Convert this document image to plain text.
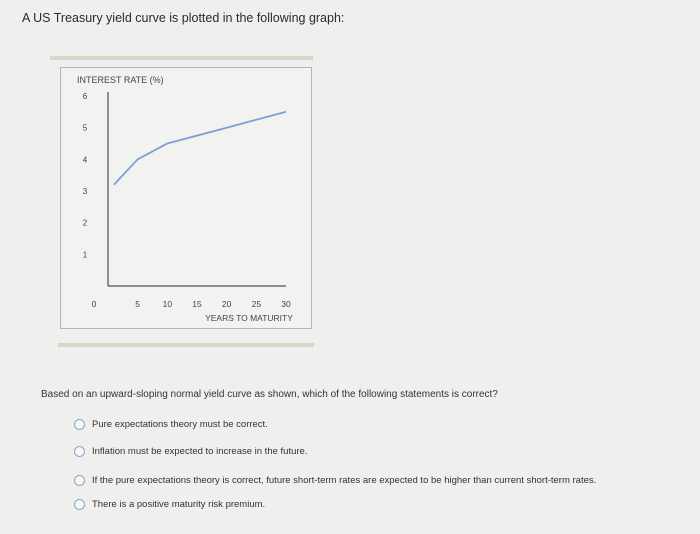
A US Treasury yield curve is plotted in the following graph:
INTEREST RATE (%)
1
2
3
4
5
6
0	5	10 15 20 25 30
YEARS TO MATURITY
Based on an upward-sloping normal yield curve as shown, which of the following statements is correct?
Pure expectations theory must be correct.
Inflation must be expected to increase in the future.
If the pure expectations theory is correct, future short-term rates are expected to be higher than current short-term rates.
There is a positive maturity risk premium.
